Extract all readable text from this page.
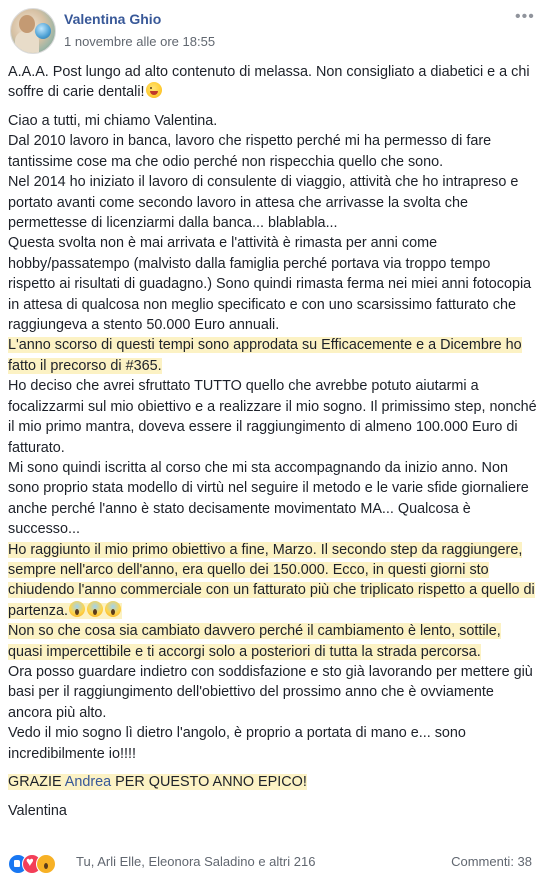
Valentina Ghio
1 novembre alle ore 18:55
•••

A.A.A. Post lungo ad alto contenuto di melassa. Non consigliato a diabetici e a chi soffre di carie dentali!

Ciao a tutti, mi chiamo Valentina.

Dal 2010 lavoro in banca, lavoro che rispetto perché mi ha permesso di fare tantissime cose ma che odio perché non rispecchia quello che sono.

Nel 2014 ho iniziato il lavoro di consulente di viaggio, attività che ho intrapreso e portato avanti come secondo lavoro in attesa che arrivasse la svolta che permettesse di licenziarmi dalla banca... blablabla...

Questa svolta non è mai arrivata e l'attività è rimasta per anni come hobby/passatempo (malvisto dalla famiglia perché portava via troppo tempo rispetto ai risultati di guadagno.) Sono quindi rimasta ferma nei miei anni fotocopia in attesa di qualcosa non meglio specificato e con uno scarsissimo fatturato che raggiungeva a stento 50.000 Euro annuali.

L'anno scorso di questi tempi sono approdata su Efficacemente e a Dicembre ho fatto il precorso di #365.

Ho deciso che avrei sfruttato TUTTO quello che avrebbe potuto aiutarmi a focalizzarmi sul mio obiettivo e a realizzare il mio sogno. Il primissimo step, nonché il mio primo mantra, doveva essere il raggiungimento di almeno 100.000 Euro di fatturato.

Mi sono quindi iscritta al corso che mi sta accompagnando da inizio anno. Non sono proprio stata modello di virtù nel seguire il metodo e le varie sfide giornaliere anche perché l'anno è stato decisamente movimentato MA... Qualcosa è successo...

Ho raggiunto il mio primo obiettivo a fine, Marzo. Il secondo step da raggiungere, sempre nell'arco dell'anno, era quello dei 150.000. Ecco, in questi giorni sto chiudendo l'anno commerciale con un fatturato più che triplicato rispetto a quello di partenza.

Non so che cosa sia cambiato davvero perché il cambiamento è lento, sottile, quasi impercettibile e ti accorgi solo a posteriori di tutta la strada percorsa.

Ora posso guardare indietro con soddisfazione e sto già lavorando per mettere giù basi per il raggiungimento dell'obiettivo del prossimo anno che è ovviamente ancora più alto.

Vedo il mio sogno lì dietro l'angolo, è proprio a portata di mano e... sono incredibilmente io!!!!

GRAZIE Andrea PER QUESTO ANNO EPICO!

Valentina

♥
Tu, Arli Elle, Eleonora Saladino e altri 216	Commenti: 38
